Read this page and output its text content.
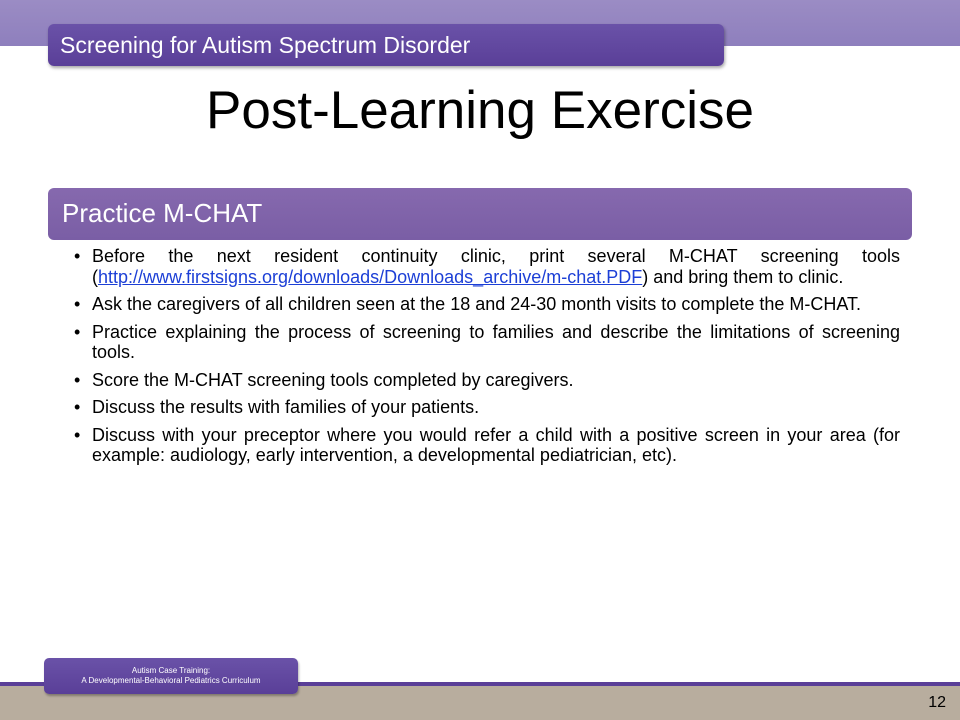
Screening for Autism Spectrum Disorder
Post-Learning Exercise
Practice M-CHAT
• Before the next resident continuity clinic, print several M-CHAT screening tools (http://www.firstsigns.org/downloads/Downloads_archive/m-chat.PDF) and bring them to clinic.
• Ask the caregivers of all children seen at the 18 and 24-30 month visits to complete the M-CHAT.
• Practice explaining the process of screening to families and describe the limitations of screening tools.
• Score the M-CHAT screening tools completed by caregivers.
• Discuss the results with families of your patients.
• Discuss with your preceptor where you would refer a child with a positive screen in your area (for example: audiology, early intervention, a developmental pediatrician, etc).
Autism Case Training:
A Developmental-Behavioral Pediatrics Curriculum
12
